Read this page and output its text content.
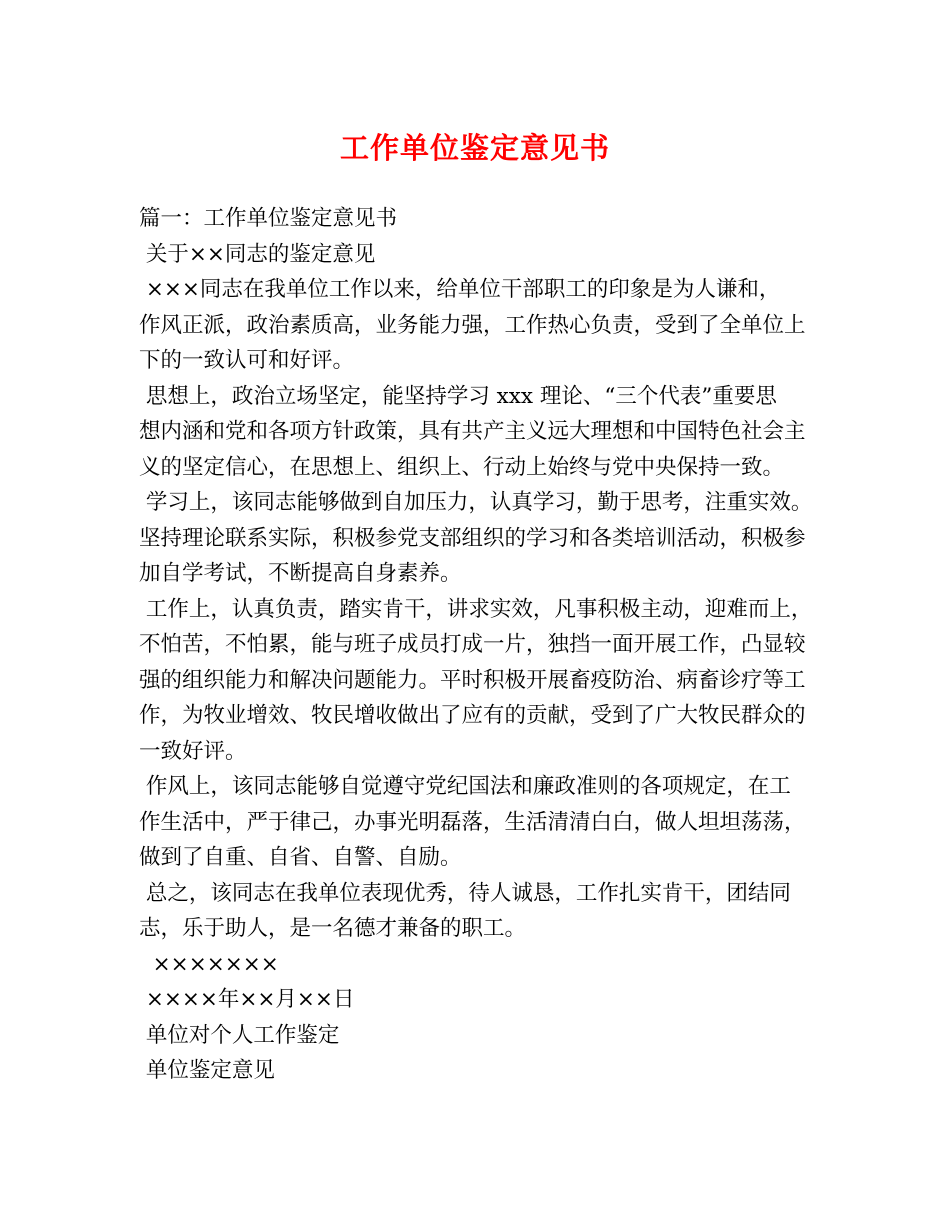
工作单位鉴定意见书
篇一：工作单位鉴定意见书
关于××同志的鉴定意见
×××同志在我单位工作以来，给单位干部职工的印象是为人谦和，
作风正派，政治素质高，业务能力强，工作热心负责，受到了全单位上
下的一致认可和好评。
思想上，政治立场坚定，能坚持学习 xxx 理论、“三个代表”重要思
想内涵和党和各项方针政策，具有共产主义远大理想和中国特色社会主
义的坚定信心，在思想上、组织上、行动上始终与党中央保持一致。
学习上，该同志能够做到自加压力，认真学习，勤于思考，注重实效。
坚持理论联系实际，积极参党支部组织的学习和各类培训活动，积极参
加自学考试，不断提高自身素养。
工作上，认真负责，踏实肯干，讲求实效，凡事积极主动，迎难而上，
不怕苦，不怕累，能与班子成员打成一片，独挡一面开展工作，凸显较
强的组织能力和解决问题能力。平时积极开展畜疫防治、病畜诊疗等工
作，为牧业增效、牧民增收做出了应有的贡献，受到了广大牧民群众的
一致好评。
作风上，该同志能够自觉遵守党纪国法和廉政准则的各项规定，在工
作生活中，严于律己，办事光明磊落，生活清清白白，做人坦坦荡荡，
做到了自重、自省、自警、自励。
总之，该同志在我单位表现优秀，待人诚恳，工作扎实肯干，团结同
志，乐于助人，是一名德才兼备的职工。
×××××××
××××年××月××日
单位对个人工作鉴定
单位鉴定意见
